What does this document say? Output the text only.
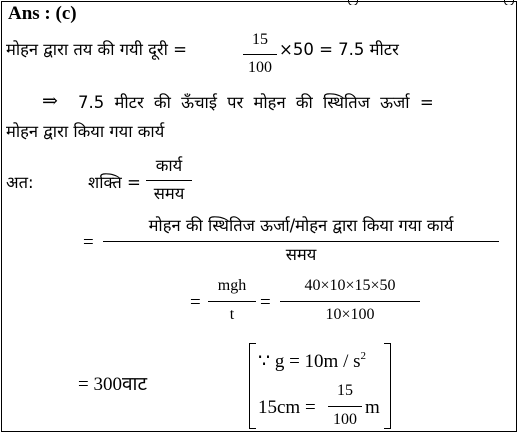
Ans : (c)
मोहन द्वारा तय की गयी दूरी =
15
100
×50 = 7.5 मीटर
⇒ 7.5 मीटर की ऊँचाई पर मोहन की स्थितिज ऊर्जा =
मोहन द्वारा किया गया कार्य
अत:	शक्ति =
कार्य
समय
=
मोहन की स्थितिज ऊर्जा/मोहन द्वारा किया गया कार्य
समय
=
mgh
t
=
40×10×15×50
10×100
= 300वाट
∵ $g = 10m / s^2$
15cm =
15
100
m
